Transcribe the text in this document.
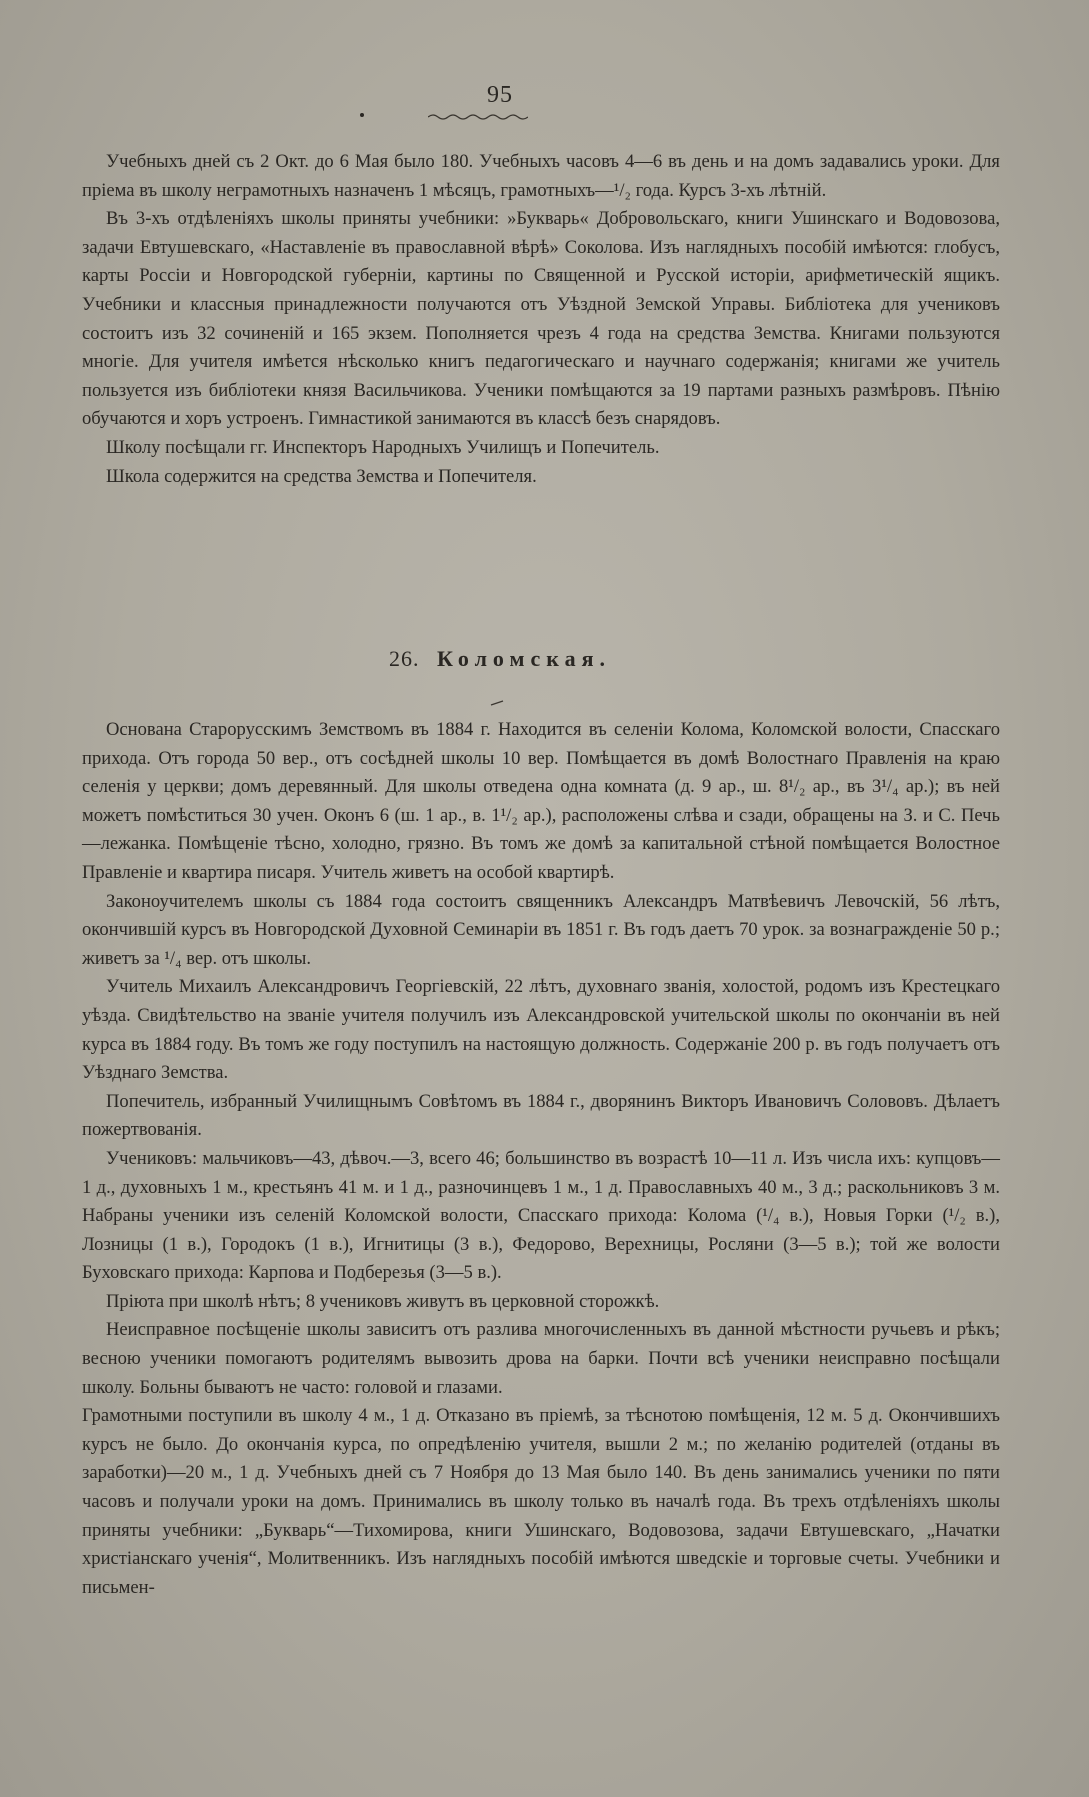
95

Учебныхъ дней съ 2 Окт. до 6 Мая было 180. Учебныхъ часовъ 4—6 въ день и на домъ задавались уроки. Для пріема въ школу неграмотныхъ назначенъ 1 мѣсяцъ, грамотныхъ—¹/₂ года. Курсъ 3-хъ лѣтній.

Въ 3-хъ отдѣленіяхъ школы приняты учебники: »Букварь« Добровольскаго, книги Ушинскаго и Водовозова, задачи Евтушевскаго, «Наставленіе въ православной вѣрѣ» Соколова. Изъ наглядныхъ пособій имѣются: глобусъ, карты Россіи и Новгородской губерніи, картины по Священной и Русской исторіи, арифметическій ящикъ. Учебники и классныя принадлежности получаются отъ Уѣздной Земской Управы. Библіотека для учениковъ состоитъ изъ 32 сочиненій и 165 экзем. Пополняется чрезъ 4 года на средства Земства. Книгами пользуются многіе. Для учителя имѣется нѣсколько книгъ педагогическаго и научнаго содержанія; книгами же учитель пользуется изъ библіотеки князя Васильчикова. Ученики помѣщаются за 19 партами разныхъ размѣровъ. Пѣнію обучаются и хоръ устроенъ. Гимнастикой занимаются въ классѣ безъ снарядовъ.

Школу посѣщали гг. Инспекторъ Народныхъ Училищъ и Попечитель.

Школа содержится на средства Земства и Попечителя.

26. Коломская.

Основана Старорусскимъ Земствомъ въ 1884 г. Находится въ селеніи Колома, Коломской волости, Спасскаго прихода. Отъ города 50 вер., отъ сосѣдней школы 10 вер. Помѣщается въ домѣ Волостнаго Правленія на краю селенія у церкви; домъ деревянный. Для школы отведена одна комната (д. 9 ар., ш. 8¹/₂ ар., въ 3¹/₄ ар.); въ ней можетъ помѣститься 30 учен. Оконъ 6 (ш. 1 ар., в. 1¹/₂ ар.), расположены слѣва и сзади, обращены на З. и С. Печь—лежанка. Помѣщеніе тѣсно, холодно, грязно. Въ томъ же домѣ за капитальной стѣной помѣщается Волостное Правленіе и квартира писаря. Учитель живетъ на особой квартирѣ.

Законоучителемъ школы съ 1884 года состоитъ священникъ Александръ Матвѣевичъ Левочскій, 56 лѣтъ, окончившій курсъ въ Новгородской Духовной Семинаріи въ 1851 г. Въ годъ даетъ 70 урок. за вознагражденіе 50 р.; живетъ за ¹/₄ вер. отъ школы.

Учитель Михаилъ Александровичъ Георгіевскій, 22 лѣтъ, духовнаго званія, холостой, родомъ изъ Крестецкаго уѣзда. Свидѣтельство на званіе учителя получилъ изъ Александровской учительской школы по окончаніи въ ней курса въ 1884 году. Въ томъ же году поступилъ на настоящую должность. Содержаніе 200 р. въ годъ получаетъ отъ Уѣзднаго Земства.

Попечитель, избранный Училищнымъ Совѣтомъ въ 1884 г., дворянинъ Викторъ Ивановичъ Солововъ. Дѣлаетъ пожертвованія.

Учениковъ: мальчиковъ—43, дѣвоч.—3, всего 46; большинство въ возрастѣ 10—11 л. Изъ числа ихъ: купцовъ—1 д., духовныхъ 1 м., крестьянъ 41 м. и 1 д., разночинцевъ 1 м., 1 д. Православныхъ 40 м., 3 д.; раскольниковъ 3 м. Набраны ученики изъ селеній Коломской волости, Спасскаго прихода: Колома (¹/₄ в.), Новыя Горки (¹/₂ в.), Лозницы (1 в.), Городокъ (1 в.), Игнитицы (3 в.), Федорово, Верехницы, Росляни (3—5 в.); той же волости Буховскаго прихода: Карпова и Подберезья (3—5 в.).

Пріюта при школѣ нѣтъ; 8 учениковъ живутъ въ церковной сторожкѣ.

Неисправное посѣщеніе школы зависитъ отъ разлива многочисленныхъ въ данной мѣстности ручьевъ и рѣкъ; весною ученики помогаютъ родителямъ вывозить дрова на барки. Почти всѣ ученики неисправно посѣщали школу. Больны бываютъ не часто: головой и глазами.

Грамотными поступили въ школу 4 м., 1 д. Отказано въ пріемѣ, за тѣснотою помѣщенія, 12 м. 5 д. Окончившихъ курсъ не было. До окончанія курса, по опредѣленію учителя, вышли 2 м.; по желанію родителей (отданы въ заработки)—20 м., 1 д. Учебныхъ дней съ 7 Ноября до 13 Мая было 140. Въ день занимались ученики по пяти часовъ и получали уроки на домъ. Принимались въ школу только въ началѣ года. Въ трехъ отдѣленіяхъ школы приняты учебники: „Букварь“—Тихомирова, книги Ушинскаго, Водовозова, задачи Евтушевскаго, „Начатки христіанскаго ученія“, Молитвенникъ. Изъ наглядныхъ пособій имѣются шведскіе и торговые счеты. Учебники и письмен-
